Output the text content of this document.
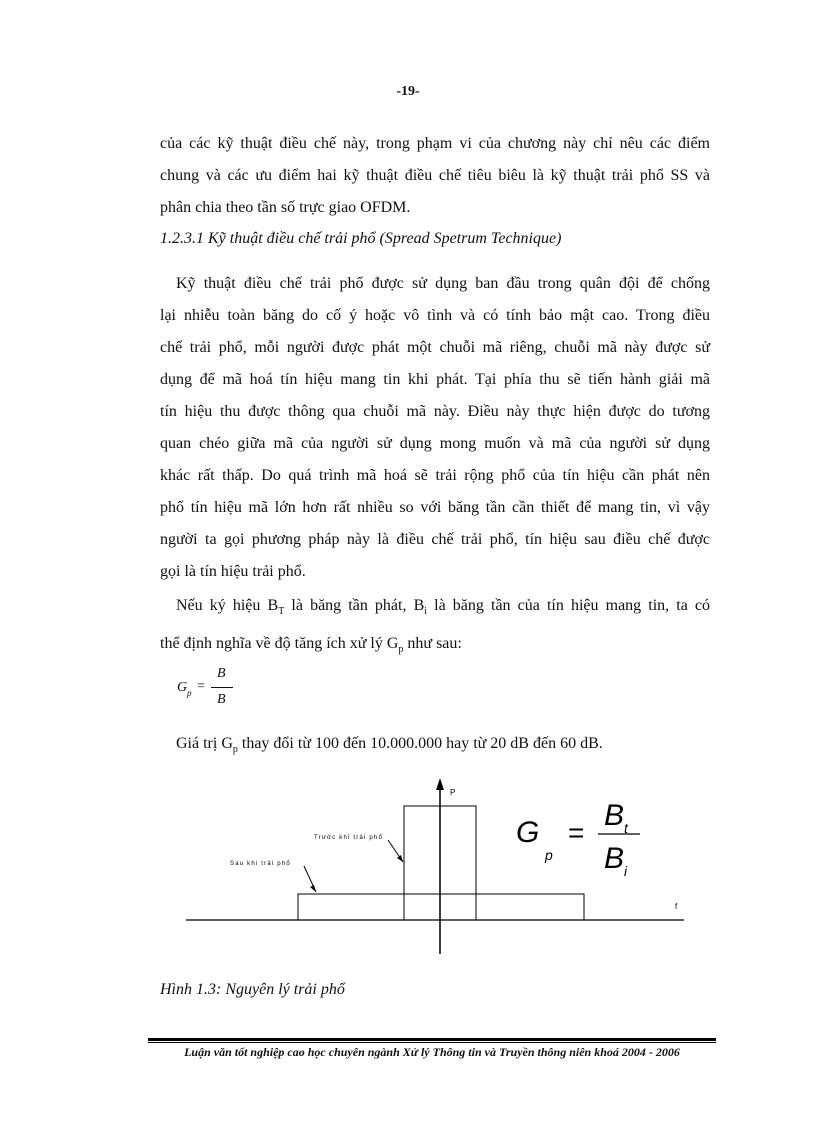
-19-
của các kỹ thuật điều chế này, trong phạm vi của chương này chỉ nêu các điểm
chung và các ưu điểm hai kỹ thuật điều chế tiêu biêu là kỹ thuật trải phổ SS và
phân chia theo tần số trực giao OFDM.
1.2.3.1 Kỹ thuật điều chế trải phổ (Spread Spetrum Technique)
Kỹ thuật điều chế trải phổ được sử dụng ban đầu trong quân đội để chống
lại nhiễu toàn băng do cố ý hoặc vô tình và có tính bảo mật cao. Trong điều
chế trải phổ, mỗi người được phát một chuỗi mã riêng, chuỗi mã này được sử
dụng để mã hoá tín hiệu mang tin khi phát. Tại phía thu sẽ tiến hành giải mã
tín hiệu thu được thông qua chuỗi mã này. Điều này thực hiện được do tương
quan chéo giữa mã của người sử dụng mong muốn và mã của người sử dụng
khác rất thấp. Do quá trình mã hoá sẽ trải rộng phổ của tín hiệu cần phát nên
phổ tín hiệu mã lớn hơn rất nhiều so với băng tần cần thiết để mang tin, vì vậy
người ta gọi phương pháp này là điều chế trải phổ, tín hiệu sau điều chế được
gọi là tín hiệu trải phổ.
Nếu ký hiệu $B_T$ là băng tần phát, $B_i$ là băng tần của tín hiệu mang tin, ta có
thể định nghĩa về độ tăng ích xử lý $G_p$ như sau:
G p =
B
B
Giá trị $G_p$ thay đổi từ 100 đến 10.000.000 hay từ 20 dB đến 60 dB.
P
f
Trước khi trải phổ
Sau khi trải phổ
G
p
=
B t
B i
Hình 1.3: Nguyên lý trải phổ
Luận văn tốt nghiệp cao học chuyên ngành Xử lý Thông tin và Truyền thông niên khoá 2004 - 2006
